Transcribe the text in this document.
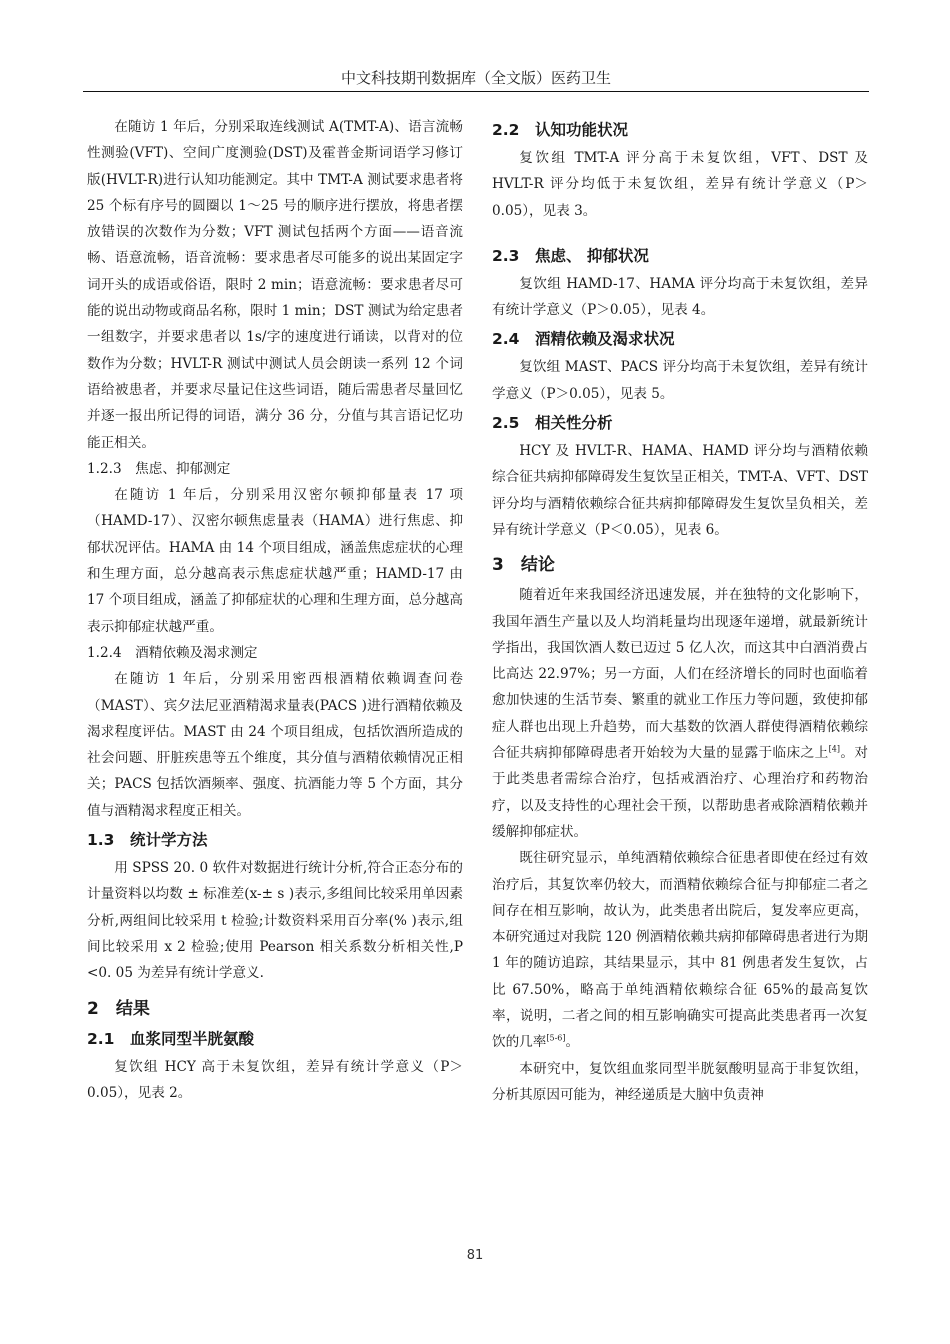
中文科技期刊数据库（全文版）医药卫生

在随访 1 年后，分别采取连线测试 A(TMT-A)、语言流畅性测验(VFT)、空间广度测验(DST)及霍普金斯词语学习修订版(HVLT-R)进行认知功能测定。其中 TMT-A 测试要求患者将 25 个标有序号的圆圈以 1～25 号的顺序进行摆放，将患者摆放错误的次数作为分数；VFT 测试包括两个方面——语音流畅、语意流畅，语音流畅：要求患者尽可能多的说出某固定字词开头的成语或俗语，限时 2 min；语意流畅：要求患者尽可能的说出动物或商品名称，限时 1 min；DST 测试为给定患者一组数字，并要求患者以 1s/字的速度进行诵读，以背对的位数作为分数；HVLT-R 测试中测试人员会朗读一系列 12 个词语给被患者，并要求尽量记住这些词语，随后需患者尽量回忆并逐一报出所记得的词语，满分 36 分，分值与其言语记忆功能正相关。

1.2.3　焦虑、抑郁测定

在随访 1 年后，分别采用汉密尔顿抑郁量表 17 项（HAMD-17）、汉密尔顿焦虑量表（HAMA）进行焦虑、抑郁状况评估。HAMA 由 14 个项目组成，涵盖焦虑症状的心理和生理方面，总分越高表示焦虑症状越严重；HAMD-17 由 17 个项目组成，涵盖了抑郁症状的心理和生理方面，总分越高表示抑郁症状越严重。

1.2.4　酒精依赖及渴求测定

在随访 1 年后，分别采用密西根酒精依赖调查问卷（MAST）、宾夕法尼亚酒精渴求量表(PACS )进行酒精依赖及渴求程度评估。MAST 由 24 个项目组成，包括饮酒所造成的社会问题、肝脏疾患等五个维度，其分值与酒精依赖情况正相关；PACS 包括饮酒频率、强度、抗酒能力等 5 个方面，其分值与酒精渴求程度正相关。

1.3　统计学方法

用 SPSS 20. 0 软件对数据进行统计分析,符合正态分布的计量资料以均数 ± 标准差(x-± s )表示,多组间比较采用单因素分析,两组间比较采用 t 检验;计数资料采用百分率(% )表示,组间比较采用 x 2 检验;使用 Pearson 相关系数分析相关性,P <0. 05 为差异有统计学意义.

2　结果
2.1　血浆同型半胱氨酸

复饮组 HCY 高于未复饮组，差异有统计学意义（P＞0.05），见表 2。

2.2　认知功能状况

复饮组 TMT-A 评分高于未复饮组，VFT、DST 及 HVLT-R 评分均低于未复饮组，差异有统计学意义（P＞0.05），见表 3。

2.3　焦虑、 抑郁状况

复饮组 HAMD-17、HAMA 评分均高于未复饮组，差异有统计学意义（P＞0.05），见表 4。

2.4　酒精依赖及渴求状况

复饮组 MAST、PACS 评分均高于未复饮组，差异有统计学意义（P＞0.05），见表 5。

2.5　相关性分析

HCY 及 HVLT-R、HAMA、HAMD 评分均与酒精依赖综合征共病抑郁障碍发生复饮呈正相关，TMT-A、VFT、DST 评分均与酒精依赖综合征共病抑郁障碍发生复饮呈负相关，差异有统计学意义（P＜0.05），见表 6。

3　结论

随着近年来我国经济迅速发展，并在独特的文化影响下，我国年酒生产量以及人均消耗量均出现逐年递增，就最新统计学指出，我国饮酒人数已迈过 5 亿人次，而这其中白酒消费占比高达 22.97%；另一方面，人们在经济增长的同时也面临着愈加快速的生活节奏、繁重的就业工作压力等问题，致使抑郁症人群也出现上升趋势，而大基数的饮酒人群使得酒精依赖综合征共病抑郁障碍患者开始较为大量的显露于临床之上[4]。对于此类患者需综合治疗，包括戒酒治疗、心理治疗和药物治疗，以及支持性的心理社会干预，以帮助患者戒除酒精依赖并缓解抑郁症状。

既往研究显示，单纯酒精依赖综合征患者即使在经过有效治疗后，其复饮率仍较大，而酒精依赖综合征与抑郁症二者之间存在相互影响，故认为，此类患者出院后，复发率应更高，本研究通过对我院 120 例酒精依赖共病抑郁障碍患者进行为期 1 年的随访追踪，其结果显示，其中 81 例患者发生复饮，占比 67.50%，略高于单纯酒精依赖综合征 65%的最高复饮率，说明，二者之间的相互影响确实可提高此类患者再一次复饮的几率[5-6]。

本研究中，复饮组血浆同型半胱氨酸明显高于非复饮组，分析其原因可能为，神经递质是大脑中负责神

81
